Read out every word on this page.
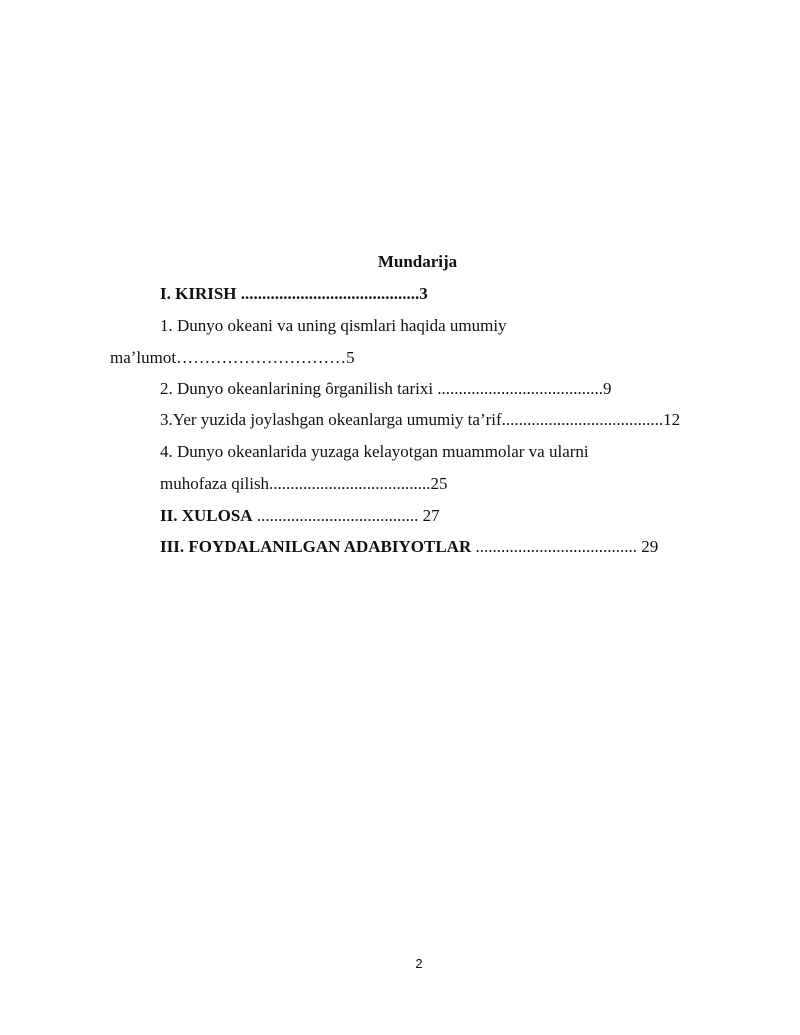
Mundarija
I. KIRISH ..........................................3
1. Dunyo okeani va uning qismlari haqida umumiy
maʼlumot…………………………5
2. Dunyo okeanlarining ȏrganilish tarixi .......................................9
3.Yer yuzida joylashgan okeanlarga umumiy ta’rif......................................12
4. Dunyo okeanlarida yuzaga kelayotgan muammolar va ularni
muhofaza qilish......................................25
II. XULOSA ...................................... 27
III. FOYDALANILGAN ADABIYOTLAR ...................................... 29
2
